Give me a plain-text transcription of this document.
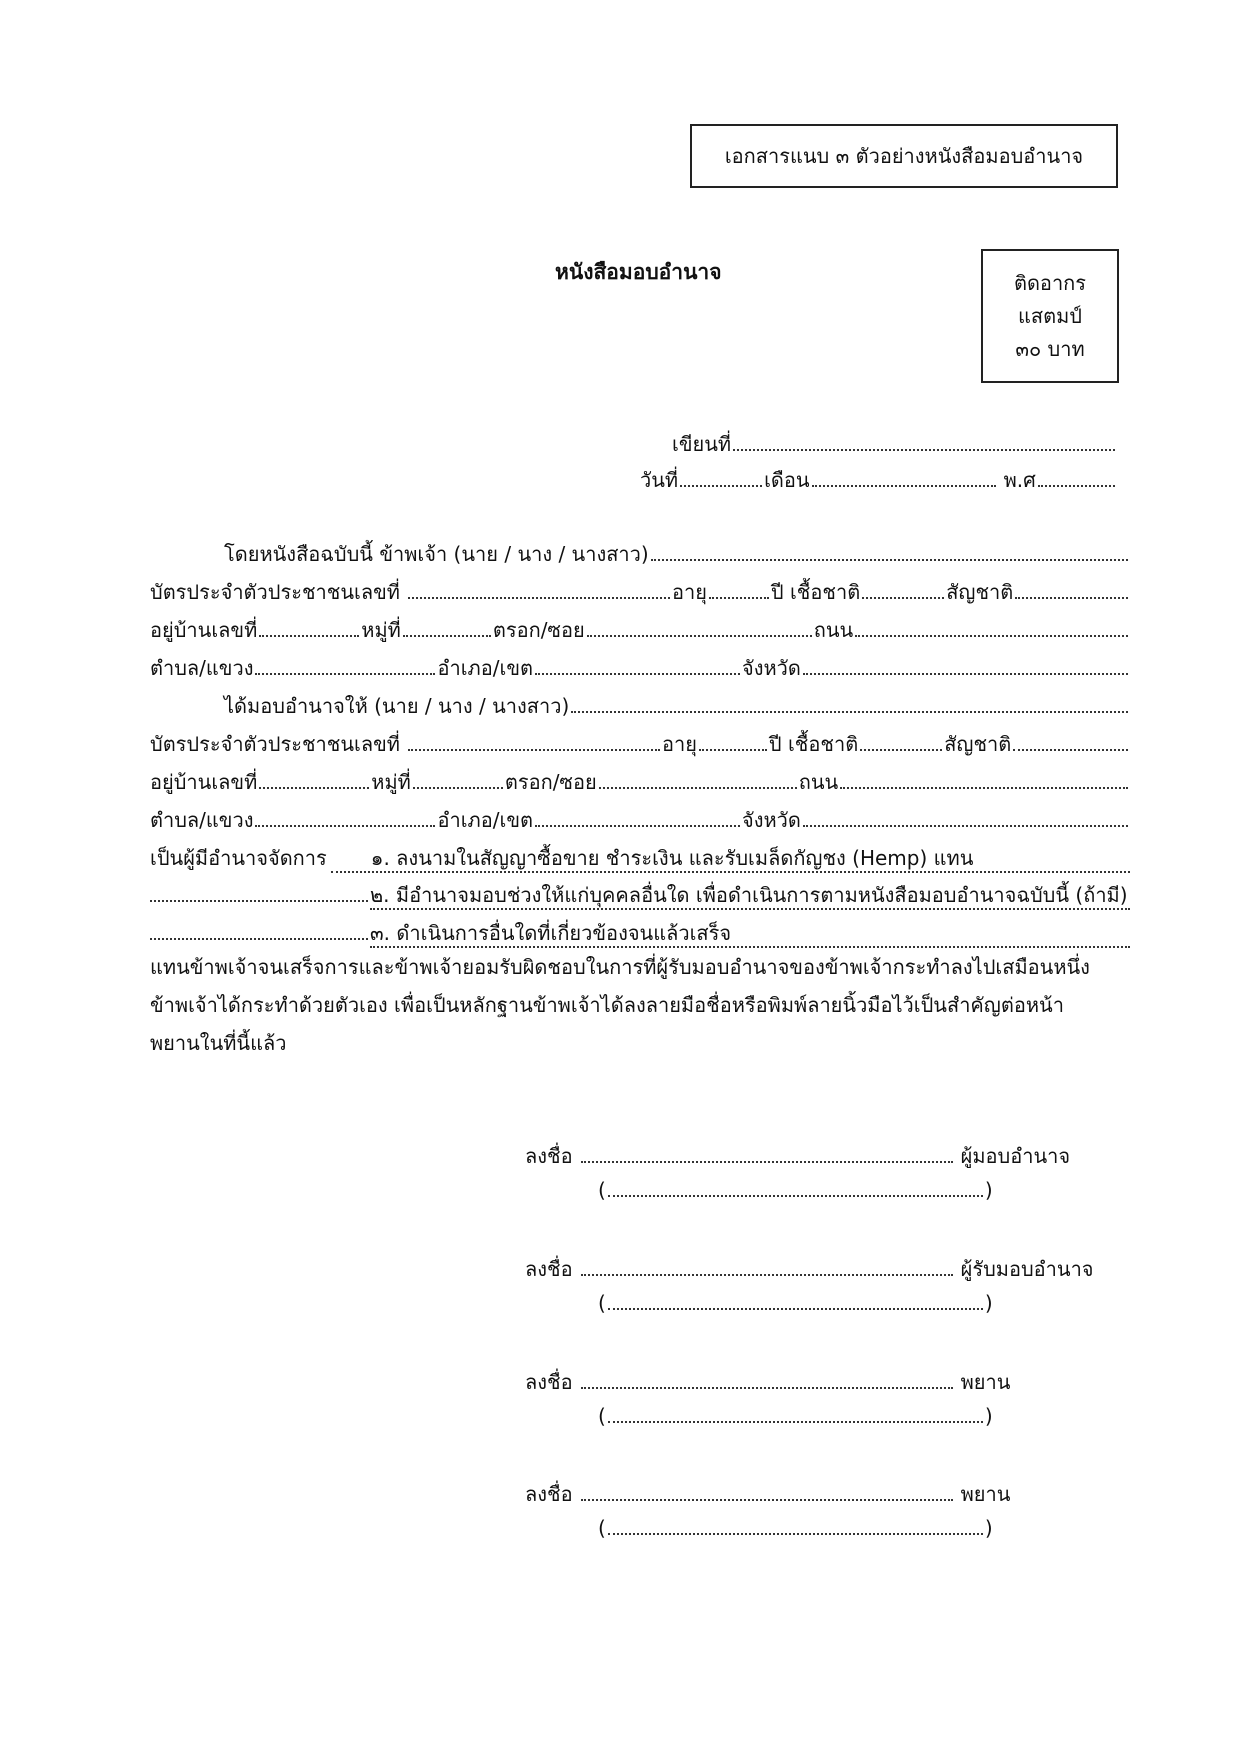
เอกสารแนบ ๓ ตัวอย่างหนังสือมอบอำนาจ
หนังสือมอบอำนาจ	ติดอากร
แสตมป์
๓๐ บาท
เขียนที่
วันที่	เดือน	พ.ศ
โดยหนังสือฉบับนี้ ข้าพเจ้า (นาย / นาง / นางสาว)
บัตรประจำตัวประชาชนเลขที่	อายุ	ปี เชื้อชาติ	สัญชาติ
อยู่บ้านเลขที่	หมู่ที่	ตรอก/ซอย	ถนน
ตำบล/แขวง	อำเภอ/เขต	จังหวัด
ได้มอบอำนาจให้ (นาย / นาง / นางสาว)
บัตรประจำตัวประชาชนเลขที่	อายุ	ปี เชื้อชาติ	สัญชาติ
อยู่บ้านเลขที่	หมู่ที่	ตรอก/ซอย	ถนน
ตำบล/แขวง	อำเภอ/เขต	จังหวัด
เป็นผู้มีอำนาจจัดการ	๑. ลงนามในสัญญาซื้อขาย ชำระเงิน และรับเมล็ดกัญชง (Hemp) แทน
๒. มีอำนาจมอบช่วงให้แก่บุคคลอื่นใด เพื่อดำเนินการตามหนังสือมอบอำนาจฉบับนี้ (ถ้ามี)
๓. ดำเนินการอื่นใดที่เกี่ยวข้องจนแล้วเสร็จ

แทนข้าพเจ้าจนเสร็จการและข้าพเจ้ายอมรับผิดชอบในการที่ผู้รับมอบอำนาจของข้าพเจ้ากระทำลงไปเสมือนหนึ่ง

ข้าพเจ้าได้กระทำด้วยตัวเอง เพื่อเป็นหลักฐานข้าพเจ้าได้ลงลายมือชื่อหรือพิมพ์ลายนิ้วมือไว้เป็นสำคัญต่อหน้า

พยานในที่นี้แล้ว

ลงชื่อ	ผู้มอบอำนาจ
(	)
ลงชื่อ	ผู้รับมอบอำนาจ
(	)
ลงชื่อ	พยาน
(	)
ลงชื่อ	พยาน
(	)
